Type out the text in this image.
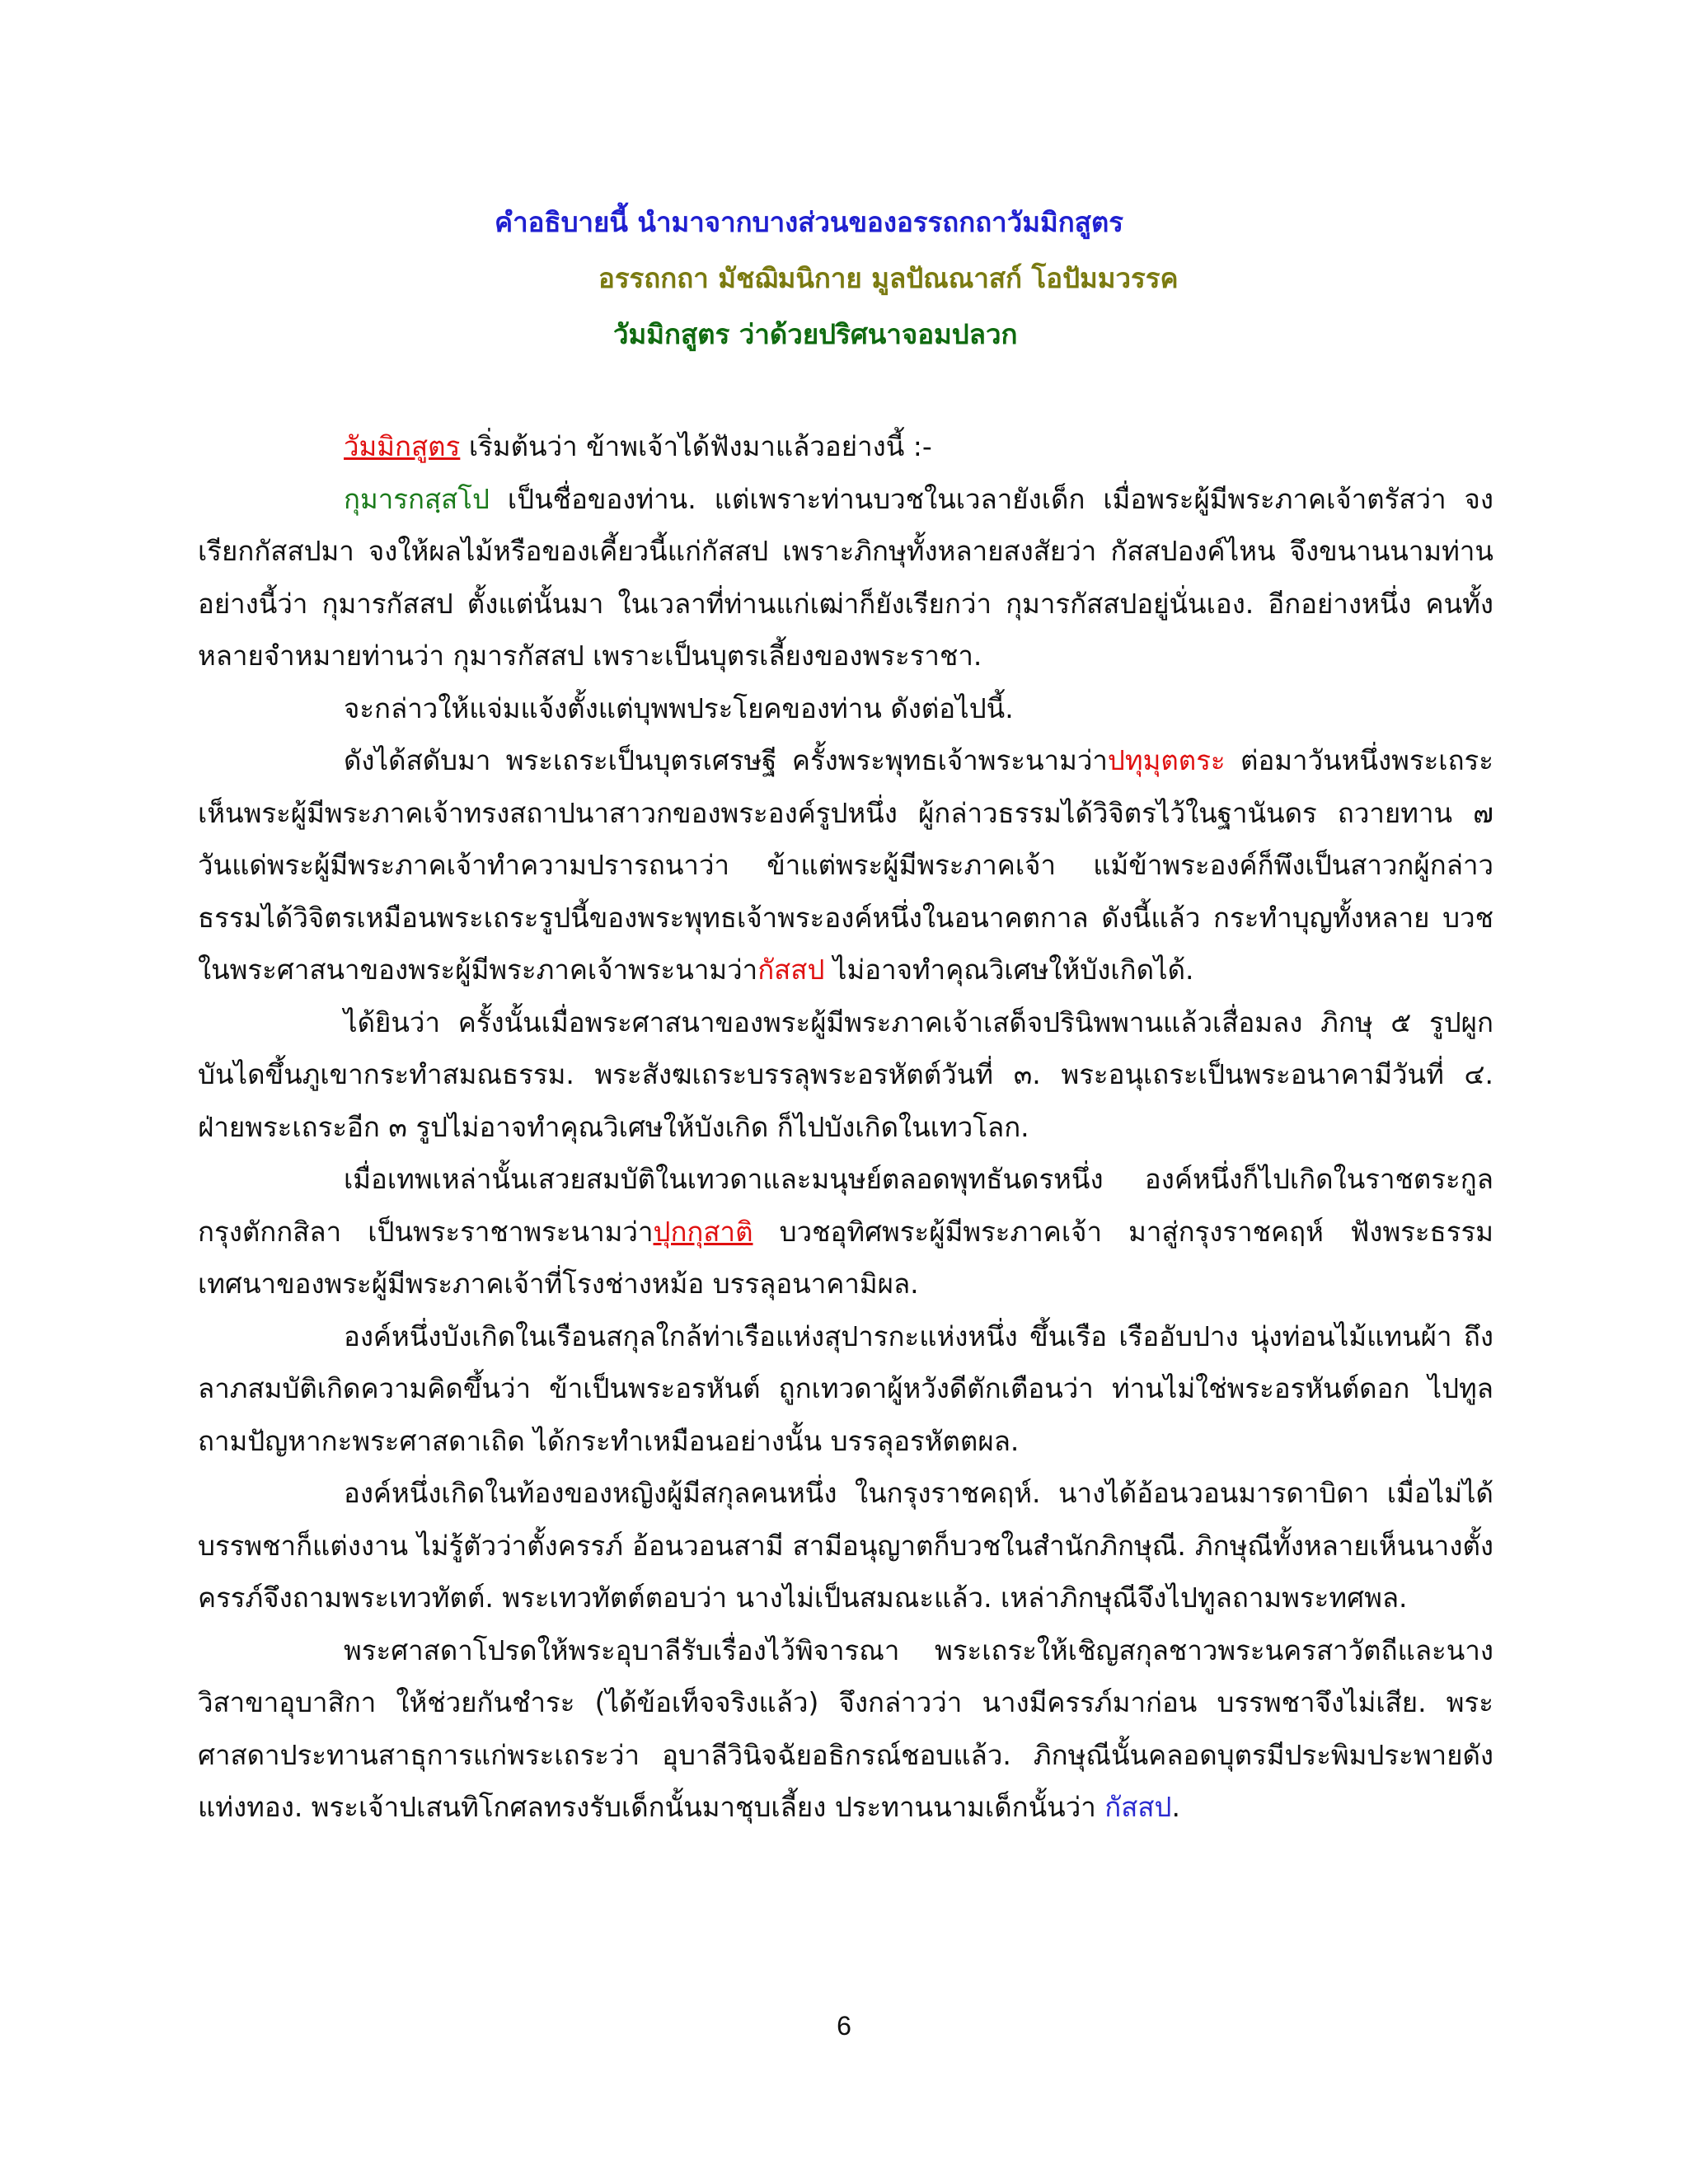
คำอธิบายนี้ นำมาจากบางส่วนของอรรถกถาวัมมิกสูตร
อรรถกถา มัชฌิมนิกาย มูลปัณณาสก์ โอปัมมวรรค
วัมมิกสูตร ว่าด้วยปริศนาจอมปลวก

วัมมิกสูตร เริ่มต้นว่า ข้าพเจ้าได้ฟังมาแล้วอย่างนี้ :-

กุมารกสฺสโป เป็นชื่อของท่าน. แต่เพราะท่านบวชในเวลายังเด็ก เมื่อพระผู้มีพระภาคเจ้าตรัสว่า จงเรียกกัสสปมา จงให้ผลไม้หรือของเคี้ยวนี้แก่กัสสป เพราะภิกษุทั้งหลายสงสัยว่า กัสสปองค์ไหน จึงขนานนามท่านอย่างนี้ว่า กุมารกัสสป ตั้งแต่นั้นมา ในเวลาที่ท่านแก่เฒ่าก็ยังเรียกว่า กุมารกัสสปอยู่นั่นเอง. อีกอย่างหนึ่ง คนทั้งหลายจำหมายท่านว่า กุมารกัสสป เพราะเป็นบุตรเลี้ยงของพระราชา.

จะกล่าวให้แจ่มแจ้งตั้งแต่บุพพประโยคของท่าน ดังต่อไปนี้.

ดังได้สดับมา พระเถระเป็นบุตรเศรษฐี ครั้งพระพุทธเจ้าพระนามว่าปทุมุตตระ ต่อมาวันหนึ่งพระเถระเห็นพระผู้มีพระภาคเจ้าทรงสถาปนาสาวกของพระองค์รูปหนึ่ง ผู้กล่าวธรรมได้วิจิตรไว้ในฐานันดร ถวายทาน ๗ วันแด่พระผู้มีพระภาคเจ้าทำความปรารถนาว่า ข้าแต่พระผู้มีพระภาคเจ้า แม้ข้าพระองค์ก็พึงเป็นสาวกผู้กล่าวธรรมได้วิจิตรเหมือนพระเถระรูปนี้ของพระพุทธเจ้าพระองค์หนึ่งในอนาคตกาล ดังนี้แล้ว กระทำบุญทั้งหลาย บวชในพระศาสนาของพระผู้มีพระภาคเจ้าพระนามว่ากัสสป ไม่อาจทำคุณวิเศษให้บังเกิดได้.

ได้ยินว่า ครั้งนั้นเมื่อพระศาสนาของพระผู้มีพระภาคเจ้าเสด็จปรินิพพานแล้วเสื่อมลง ภิกษุ ๕ รูปผูกบันไดขึ้นภูเขากระทำสมณธรรม. พระสังฆเถระบรรลุพระอรหัตต์วันที่ ๓. พระอนุเถระเป็นพระอนาคามีวันที่ ๔. ฝ่ายพระเถระอีก ๓ รูปไม่อาจทำคุณวิเศษให้บังเกิด ก็ไปบังเกิดในเทวโลก.

เมื่อเทพเหล่านั้นเสวยสมบัติในเทวดาและมนุษย์ตลอดพุทธันดรหนึ่ง องค์หนึ่งก็ไปเกิดในราชตระกูล กรุงตักกสิลา เป็นพระราชาพระนามว่าปุกกุสาติ บวชอุทิศพระผู้มีพระภาคเจ้า มาสู่กรุงราชคฤห์ ฟังพระธรรมเทศนาของพระผู้มีพระภาคเจ้าที่โรงช่างหม้อ บรรลุอนาคามิผล.

องค์หนึ่งบังเกิดในเรือนสกุลใกล้ท่าเรือแห่งสุปารกะแห่งหนึ่ง ขึ้นเรือ เรืออับปาง นุ่งท่อนไม้แทนผ้า ถึงลาภสมบัติเกิดความคิดขึ้นว่า ข้าเป็นพระอรหันต์ ถูกเทวดาผู้หวังดีตักเตือนว่า ท่านไม่ใช่พระอรหันต์ดอก ไปทูลถามปัญหากะพระศาสดาเถิด ได้กระทำเหมือนอย่างนั้น บรรลุอรหัตตผล.

องค์หนึ่งเกิดในท้องของหญิงผู้มีสกุลคนหนึ่ง ในกรุงราชคฤห์. นางได้อ้อนวอนมารดาบิดา เมื่อไม่ได้บรรพชาก็แต่งงาน ไม่รู้ตัวว่าตั้งครรภ์ อ้อนวอนสามี สามีอนุญาตก็บวชในสำนักภิกษุณี. ภิกษุณีทั้งหลายเห็นนางตั้งครรภ์จึงถามพระเทวทัตต์. พระเทวทัตต์ตอบว่า นางไม่เป็นสมณะแล้ว. เหล่าภิกษุณีจึงไปทูลถามพระทศพล.

พระศาสดาโปรดให้พระอุบาลีรับเรื่องไว้พิจารณา พระเถระให้เชิญสกุลชาวพระนครสาวัตถีและนางวิสาขาอุบาสิกา ให้ช่วยกันชำระ (ได้ข้อเท็จจริงแล้ว) จึงกล่าวว่า นางมีครรภ์มาก่อน บรรพชาจึงไม่เสีย. พระศาสดาประทานสาธุการแก่พระเถระว่า อุบาลีวินิจฉัยอธิกรณ์ชอบแล้ว. ภิกษุณีนั้นคลอดบุตรมีประพิมประพายดังแท่งทอง. พระเจ้าปเสนทิโกศลทรงรับเด็กนั้นมาชุบเลี้ยง ประทานนามเด็กนั้นว่า กัสสป.

6
